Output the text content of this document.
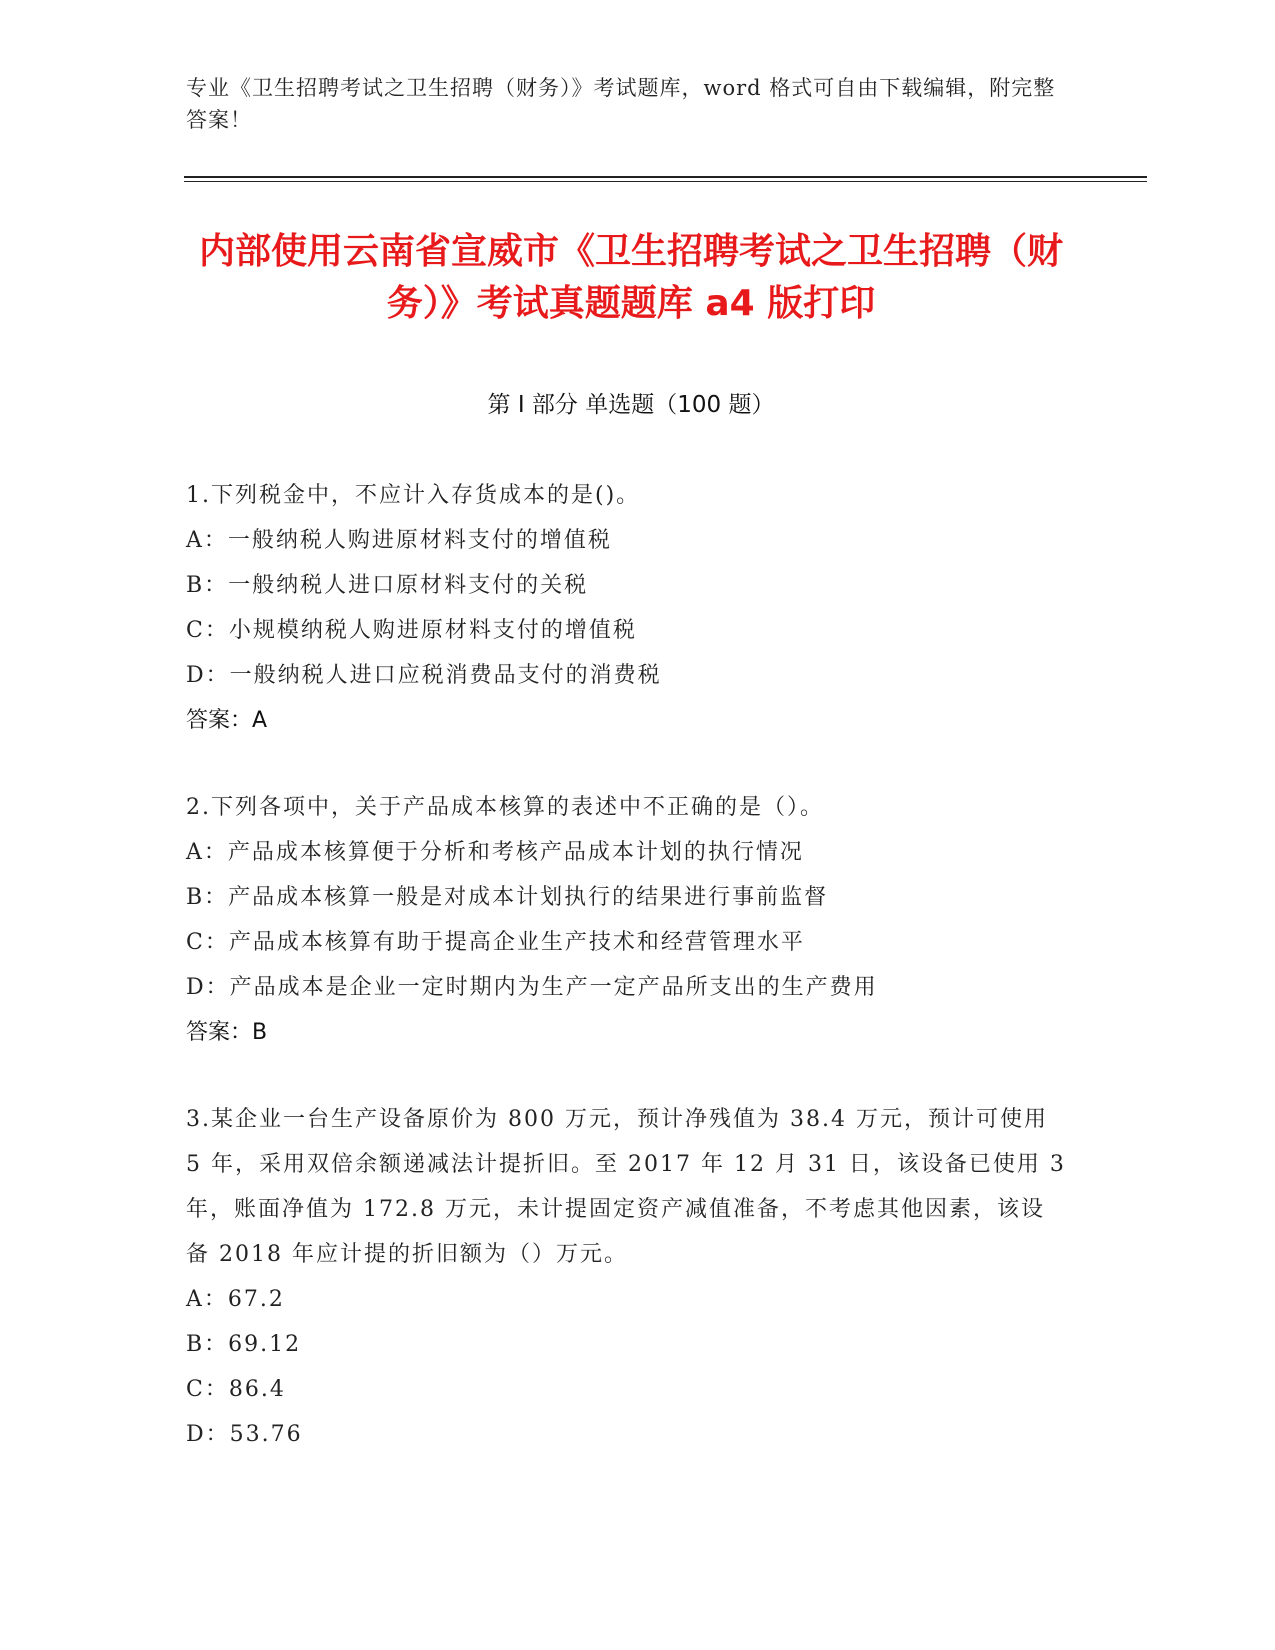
专业《卫生招聘考试之卫生招聘（财务）》考试题库，word 格式可自由下载编辑，附完整答案！
内部使用云南省宣威市《卫生招聘考试之卫生招聘（财务）》考试真题题库 a4 版打印
第 I 部分 单选题（100 题）

1.下列税金中，不应计入存货成本的是()。

A：一般纳税人购进原材料支付的增值税

B：一般纳税人进口原材料支付的关税

C：小规模纳税人购进原材料支付的增值税

D：一般纳税人进口应税消费品支付的消费税

答案：A

2.下列各项中，关于产品成本核算的表述中不正确的是（）。

A：产品成本核算便于分析和考核产品成本计划的执行情况

B：产品成本核算一般是对成本计划执行的结果进行事前监督

C：产品成本核算有助于提高企业生产技术和经营管理水平

D：产品成本是企业一定时期内为生产一定产品所支出的生产费用

答案：B

3.某企业一台生产设备原价为 800 万元，预计净残值为 38.4 万元，预计可使用 5 年，采用双倍余额递减法计提折旧。至 2017 年 12 月 31 日，该设备已使用 3 年，账面净值为 172.8 万元，未计提固定资产减值准备，不考虑其他因素，该设备 2018 年应计提的折旧额为（）万元。

A：67.2

B：69.12

C：86.4

D：53.76
